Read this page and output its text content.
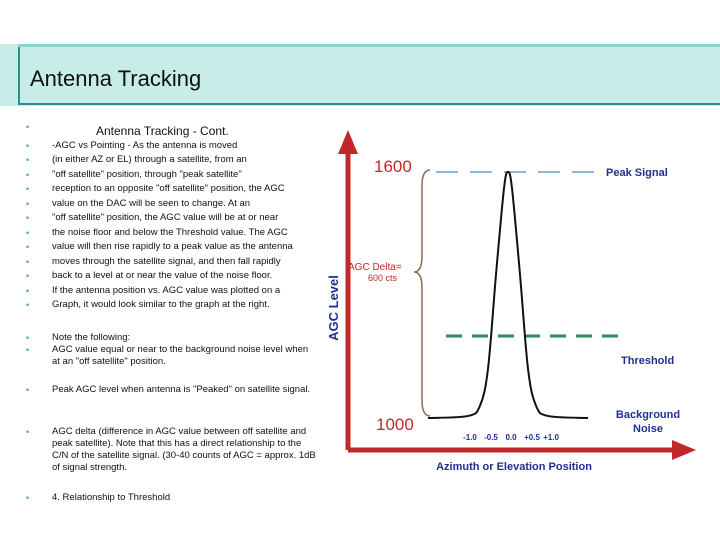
Antenna Tracking
Antenna Tracking - Cont.
•
• -AGC vs Pointing - As the antenna is moved
• (in either AZ or EL) through a satellite, from an
• "off satellite" position, through "peak satellite"
• reception to an opposite "off satellite" position, the AGC
• value on the DAC will be seen to change. At an
• "off satellite" position, the AGC value will be at or near
• the noise floor and below the Threshold value. The AGC
• value will then rise rapidly to a peak value as the antenna
• moves through the satellite signal, and then fall rapidly
• back to a level at or near the value of the noise floor.
• If the antenna position vs. AGC value was plotted on a
• Graph, it would look similar to the graph at the right.
•
•
Note the following:
AGC value equal or near to the background noise level when at an "off satellite" position.
• Peak AGC level when antenna is "Peaked" on satellite signal.
• AGC delta (difference in AGC value between off satellite and peak satellite). Note that this has a direct relationship to the C/N of the satellite signal. (30-40 counts of AGC = approx. 1dB of signal strength.
• 4. Relationship to Threshold
AGC Level
1600
1000
AGC Delta=
600 cts
Peak Signal
Threshold
Background
Noise
-1.0 -0.5 0.0 +0.5 +1.0
Azimuth or Elevation Position
